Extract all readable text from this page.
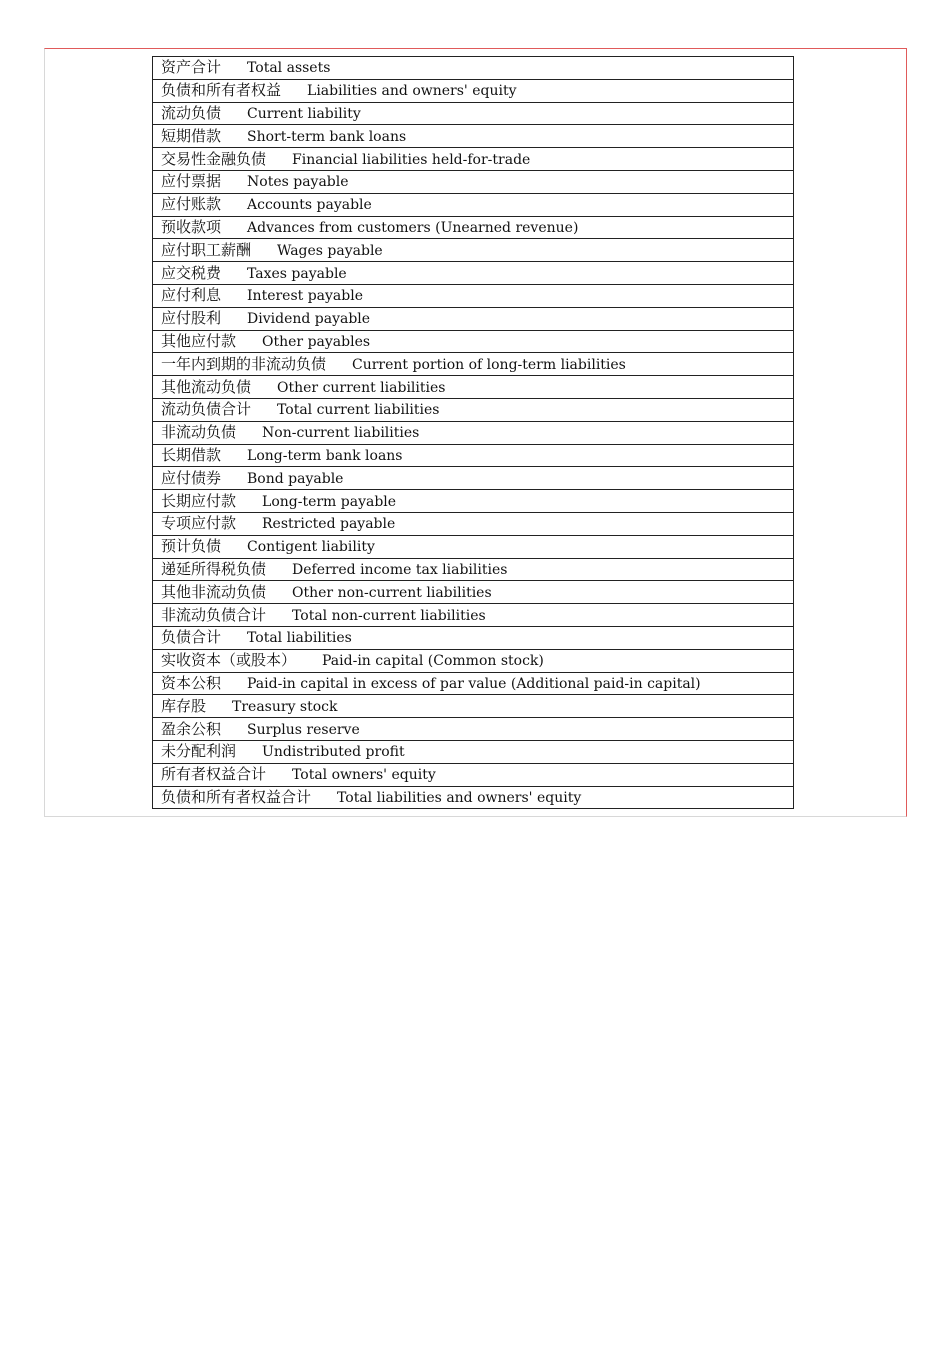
资产合计 Total assets
负债和所有者权益 Liabilities and owners' equity
流动负债 Current liability
短期借款 Short-term bank loans
交易性金融负债 Financial liabilities held-for-trade
应付票据 Notes payable
应付账款 Accounts payable
预收款项 Advances from customers (Unearned revenue)
应付职工薪酬 Wages payable
应交税费 Taxes payable
应付利息 Interest payable
应付股利 Dividend payable
其他应付款 Other payables
一年内到期的非流动负债 Current portion of long-term liabilities
其他流动负债 Other current liabilities
流动负债合计 Total current liabilities
非流动负债 Non-current liabilities
长期借款 Long-term bank loans
应付债券 Bond payable
长期应付款 Long-term payable
专项应付款 Restricted payable
预计负债 Contigent liability
递延所得税负债 Deferred income tax liabilities
其他非流动负债 Other non-current liabilities
非流动负债合计 Total non-current liabilities
负债合计 Total liabilities
实收资本（或股本） Paid-in capital (Common stock)
资本公积 Paid-in capital in excess of par value (Additional paid-in capital)
库存股 Treasury stock
盈余公积 Surplus reserve
未分配利润 Undistributed profit
所有者权益合计 Total owners' equity
负债和所有者权益合计 Total liabilities and owners' equity
